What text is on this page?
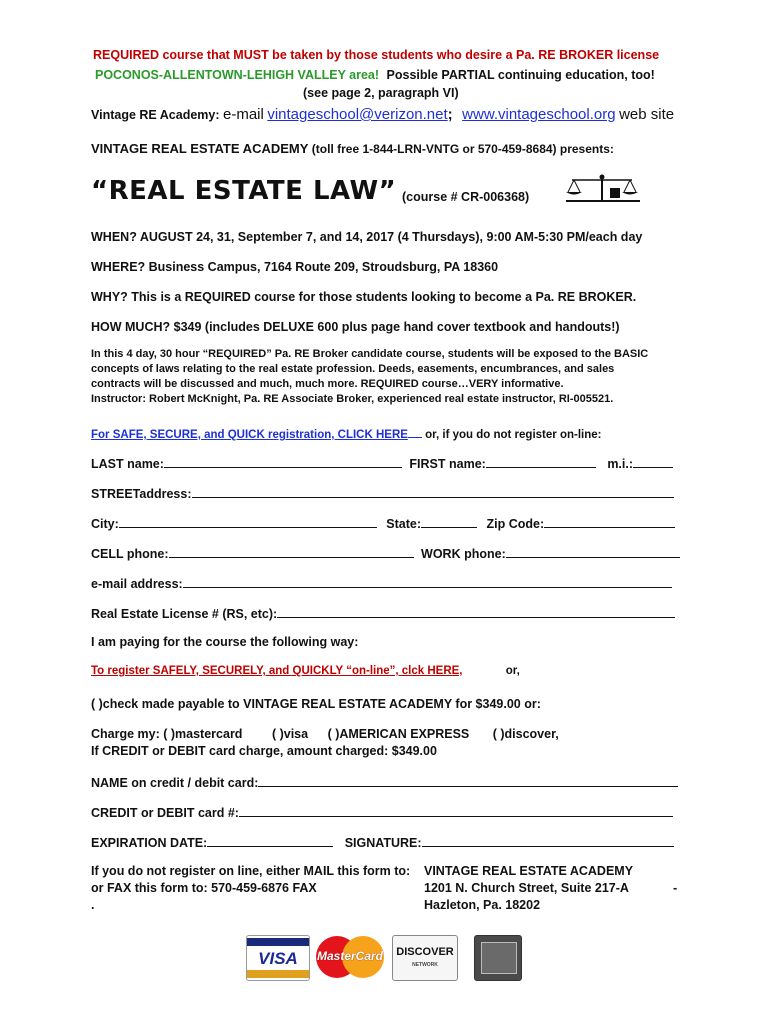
REQUIRED course that MUST be taken by those students who desire a Pa. RE BROKER license
POCONOS-ALLENTOWN-LEHIGH VALLEY area! Possible PARTIAL continuing education, too!
(see page 2, paragraph VI)
Vintage RE Academy: e-mail vintageschool@verizon.net; www.vintageschool.org web site
VINTAGE REAL ESTATE ACADEMY (toll free 1-844-LRN-VNTG or 570-459-8684) presents:
“REAL ESTATE LAW” (course # CR-006368)
WHEN? AUGUST 24, 31, September 7, and 14, 2017 (4 Thursdays), 9:00 AM-5:30 PM/each day
WHERE? Business Campus, 7164 Route 209, Stroudsburg, PA 18360
WHY? This is a REQUIRED course for those students looking to become a Pa. RE BROKER.
HOW MUCH? $349 (includes DELUXE 600 plus page hand cover textbook and handouts!)
In this 4 day, 30 hour “REQUIRED” Pa. RE Broker candidate course, students will be exposed to the BASIC
concepts of laws relating to the real estate profession. Deeds, easements, encumbrances, and sales
contracts will be discussed and much, much more. REQUIRED course…VERY informative.
Instructor: Robert McKnight, Pa. RE Associate Broker, experienced real estate instructor, RI-005521.
For SAFE, SECURE, and QUICK registration, CLICK HERE or, if you do not register on-line:
LAST name:	FIRST name:	m.i.:
STREETaddress:
City:	State:	Zip Code:
CELL phone:	WORK phone:
e-mail address:
Real Estate License # (RS, etc):
I am paying for the course the following way:
To register SAFELY, SECURELY, and QUICKLY “on-line”, clck HERE,	or,
( )check made payable to VINTAGE REAL ESTATE ACADEMY for $349.00 or:
Charge my: ( )mastercard ( )visa ( )AMERICAN EXPRESS ( )discover,
If CREDIT or DEBIT card charge, amount charged: $349.00
NAME on credit / debit card:
CREDIT or DEBIT card #:
EXPIRATION DATE:	SIGNATURE:
If you do not register on line, either MAIL this form to:
or FAX this form to: 570-459-6876 FAX
.
VINTAGE REAL ESTATE ACADEMY
1201 N. Church Street, Suite 217-A
Hazleton, Pa. 18202
-
VISA	MasterCard DISCOVER
NETWORK
